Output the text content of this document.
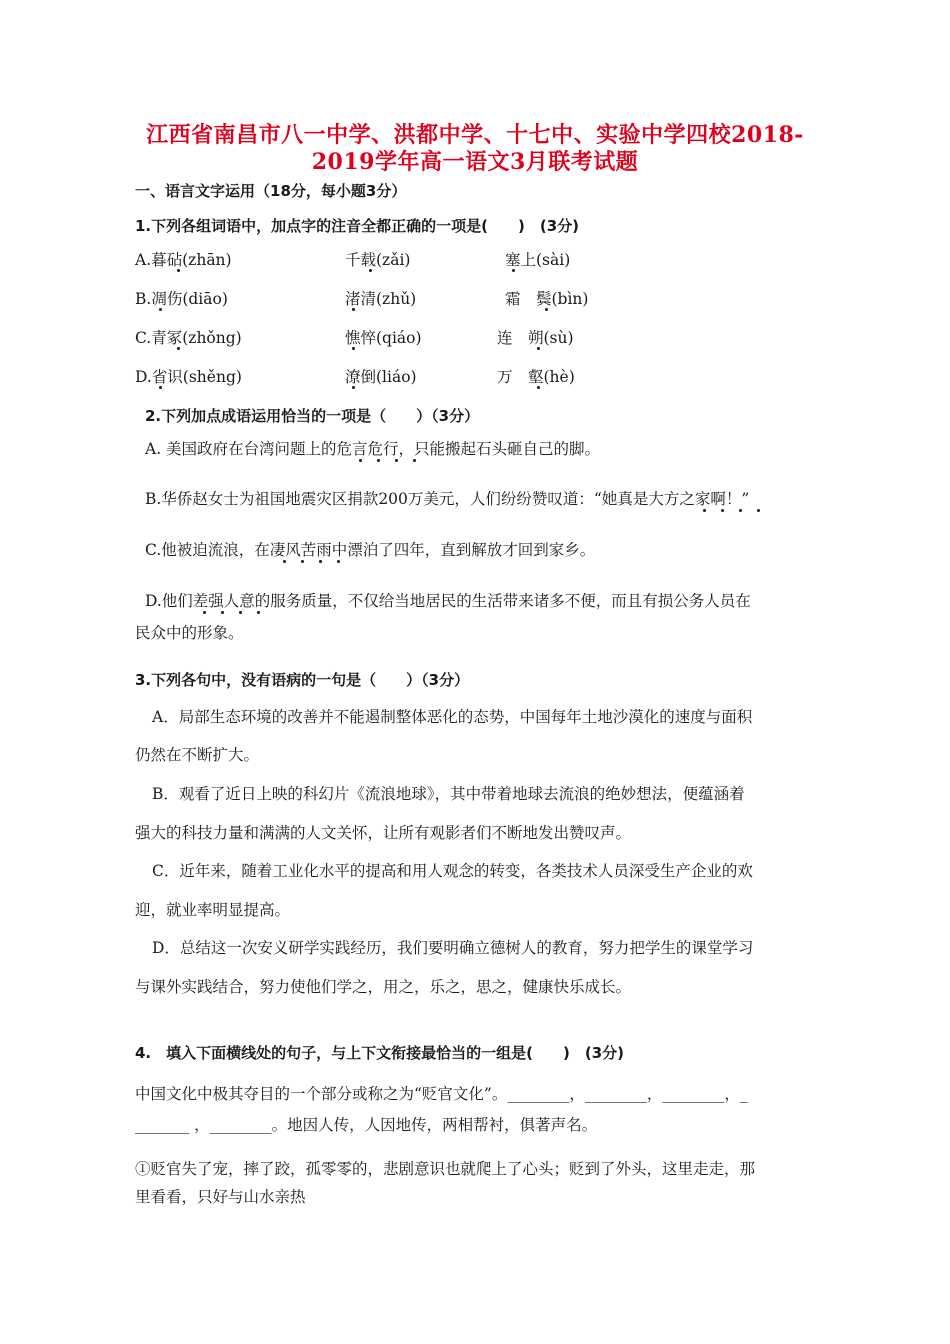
江西省南昌市八一中学、洪都中学、十七中、实验中学四校2018-
2019学年高一语文3月联考试题
一、语言文字运用（18分，每小题3分）
1.下列各组词语中，加点字的注音全都正确的一项是(　　)　(3分)
A.暮砧(zhān)	千载(zǎi)	塞上(sài)
B.凋伤(diāo)	渚清(zhǔ)	霜　鬓(bìn)
C.青冢(zhǒng)	憔悴(qiáo)	连　朔(sù)
D.省识(shěng)	潦倒(liáo)	万　壑(hè)
2.下列加点成语运用恰当的一项是（　　）（3分）
A. 美国政府在台湾问题上的危言危行，只能搬起石头砸自己的脚。
B.华侨赵女士为祖国地震灾区捐款200万美元，人们纷纷赞叹道：“她真是大方之家啊！”
C.他被迫流浪，在凄风苦雨中漂泊了四年，直到解放才回到家乡。
D.他们差强人意的服务质量，不仅给当地居民的生活带来诸多不便，而且有损公务人员在
民众中的形象。
3.下列各句中，没有语病的一句是（　　）（3分）
A．局部生态环境的改善并不能遏制整体恶化的态势，中国每年土地沙漠化的速度与面积
仍然在不断扩大。
B．观看了近日上映的科幻片《流浪地球》，其中带着地球去流浪的绝妙想法，便蕴涵着
强大的科技力量和满满的人文关怀，让所有观影者们不断地发出赞叹声。
C．近年来，随着工业化水平的提高和用人观念的转变，各类技术人员深受生产企业的欢
迎，就业率明显提高。
D．总结这一次安义研学实践经历，我们要明确立德树人的教育，努力把学生的课堂学习
与课外实践结合，努力使他们学之，用之，乐之，思之，健康快乐成长。
4.　填入下面横线处的句子，与上下文衔接最恰当的一组是(　　)　(3分)
中国文化中极其夺目的一个部分或称之为“贬官文化”。________，________，________，_
_______ ，________。地因人传，人因地传，两相帮衬，俱著声名。
①贬官失了宠，摔了跤，孤零零的，悲剧意识也就爬上了心头；贬到了外头，这里走走，那
里看看，只好与山水亲热
